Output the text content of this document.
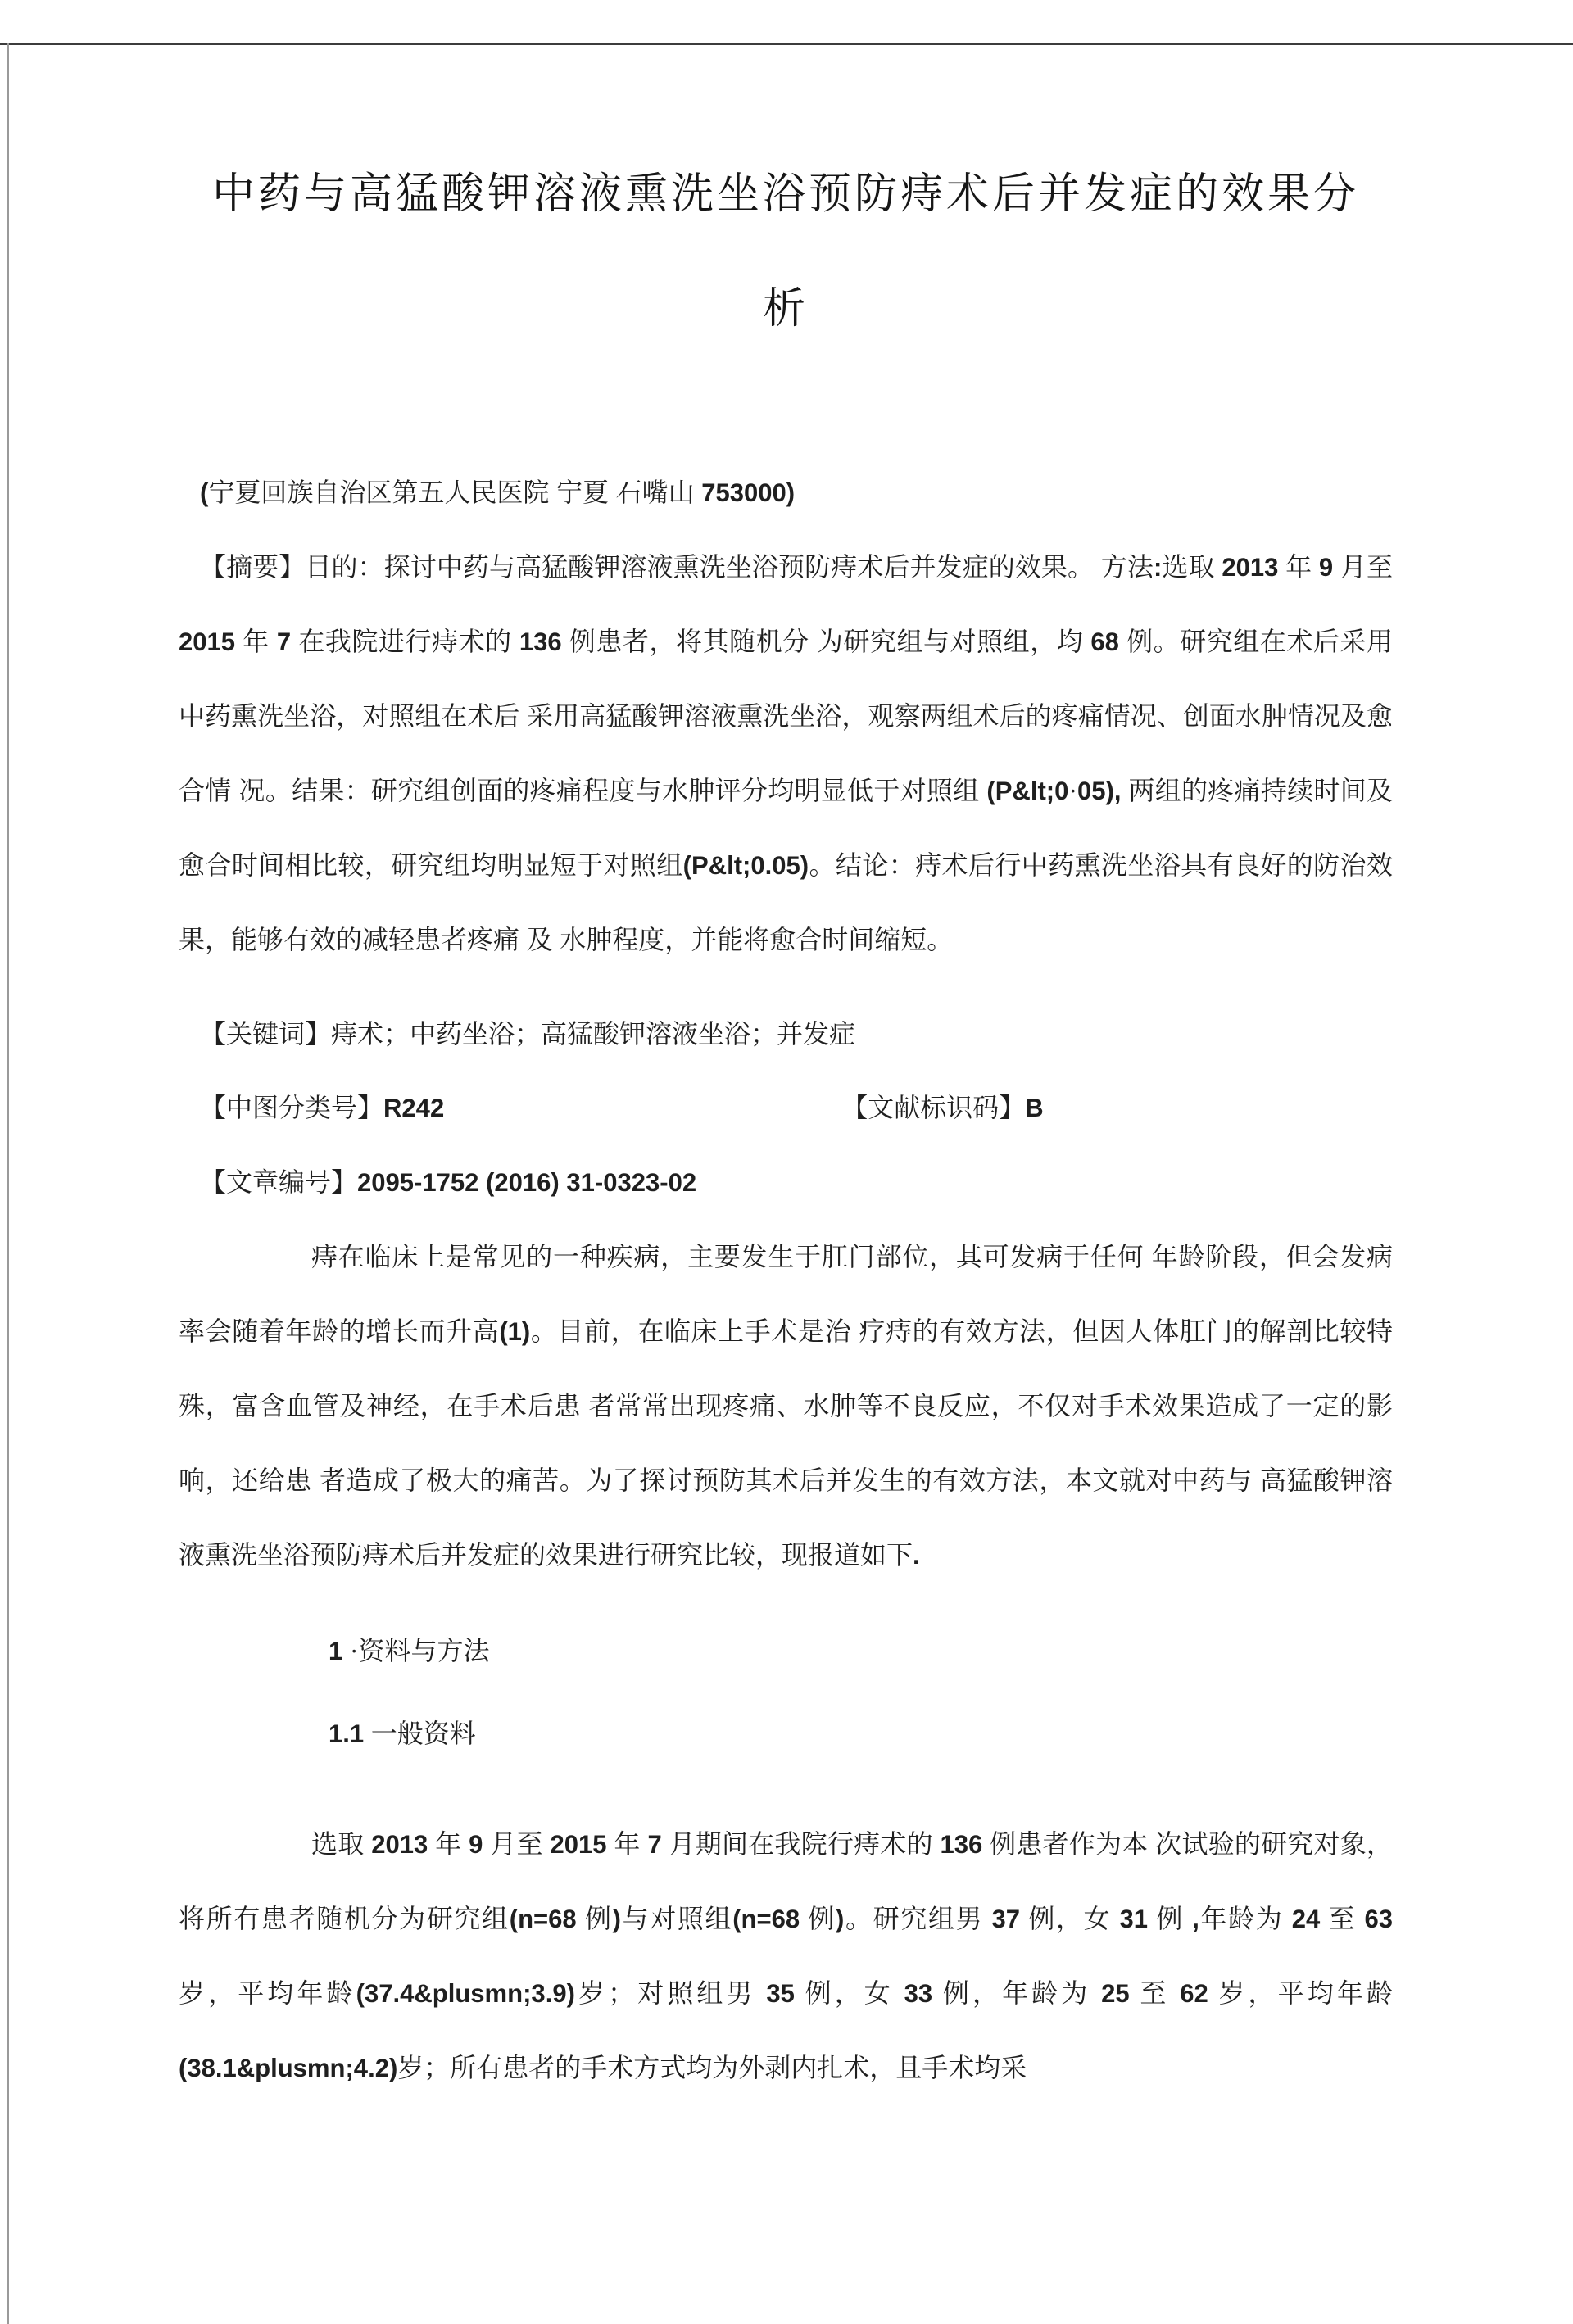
中药与高猛酸钾溶液熏洗坐浴预防痔术后并发症的效果分
析

(宁夏回族自治区第五人民医院 宁夏 石嘴山 753000)

【摘要】目的：探讨中药与高猛酸钾溶液熏洗坐浴预防痔术后并发症的效果。 方法:选取 2013 年 9 月至 2015 年 7 在我院进行痔术的 136 例患者，将其随机分 为研究组与对照组，均 68 例。研究组在术后采用中药熏洗坐浴，对照组在术后 采用高猛酸钾溶液熏洗坐浴，观察两组术后的疼痛情况、创面水肿情况及愈合情 况。结果：研究组创面的疼痛程度与水肿评分均明显低于对照组 (P&lt;0·05), 两组的疼痛持续时间及愈合时间相比较，研究组均明显短于对照组(P&lt;0.05)。结论：痔术后行中药熏洗坐浴具有良好的防治效果，能够有效的减轻患者疼痛 及 水肿程度，并能将愈合时间缩短。

【关键词】痔术；中药坐浴；高猛酸钾溶液坐浴；并发症

【中图分类号】R242	【文献标识码】B

【文章编号】2095-1752 (2016) 31-0323-02

痔在临床上是常见的一种疾病，主要发生于肛门部位，其可发病于任何 年龄阶段，但会发病率会随着年龄的增长而升高(1)。目前，在临床上手术是治 疗痔的有效方法，但因人体肛门的解剖比较特殊，富含血管及神经，在手术后患 者常常出现疼痛、水肿等不良反应，不仅对手术效果造成了一定的影响，还给患 者造成了极大的痛苦。为了探讨预防其术后并发生的有效方法，本文就对中药与 高猛酸钾溶液熏洗坐浴预防痔术后并发症的效果进行研究比较，现报道如下.

1 ·资料与方法

1.1 一般资料

选取 2013 年 9 月至 2015 年 7 月期间在我院行痔术的 136 例患者作为本 次试验的研究对象，将所有患者随机分为研究组(n=68 例)与对照组(n=68 例)。研究组男 37 例，女 31 例 ,年龄为 24 至 63 岁，平均年龄(37.4&plusmn;3.9)岁；对照组男 35 例，女 33 例，年龄为 25 至 62 岁，平均年龄(38.1&plusmn;4.2)岁；所有患者的手术方式均为外剥内扎术，且手术均采
